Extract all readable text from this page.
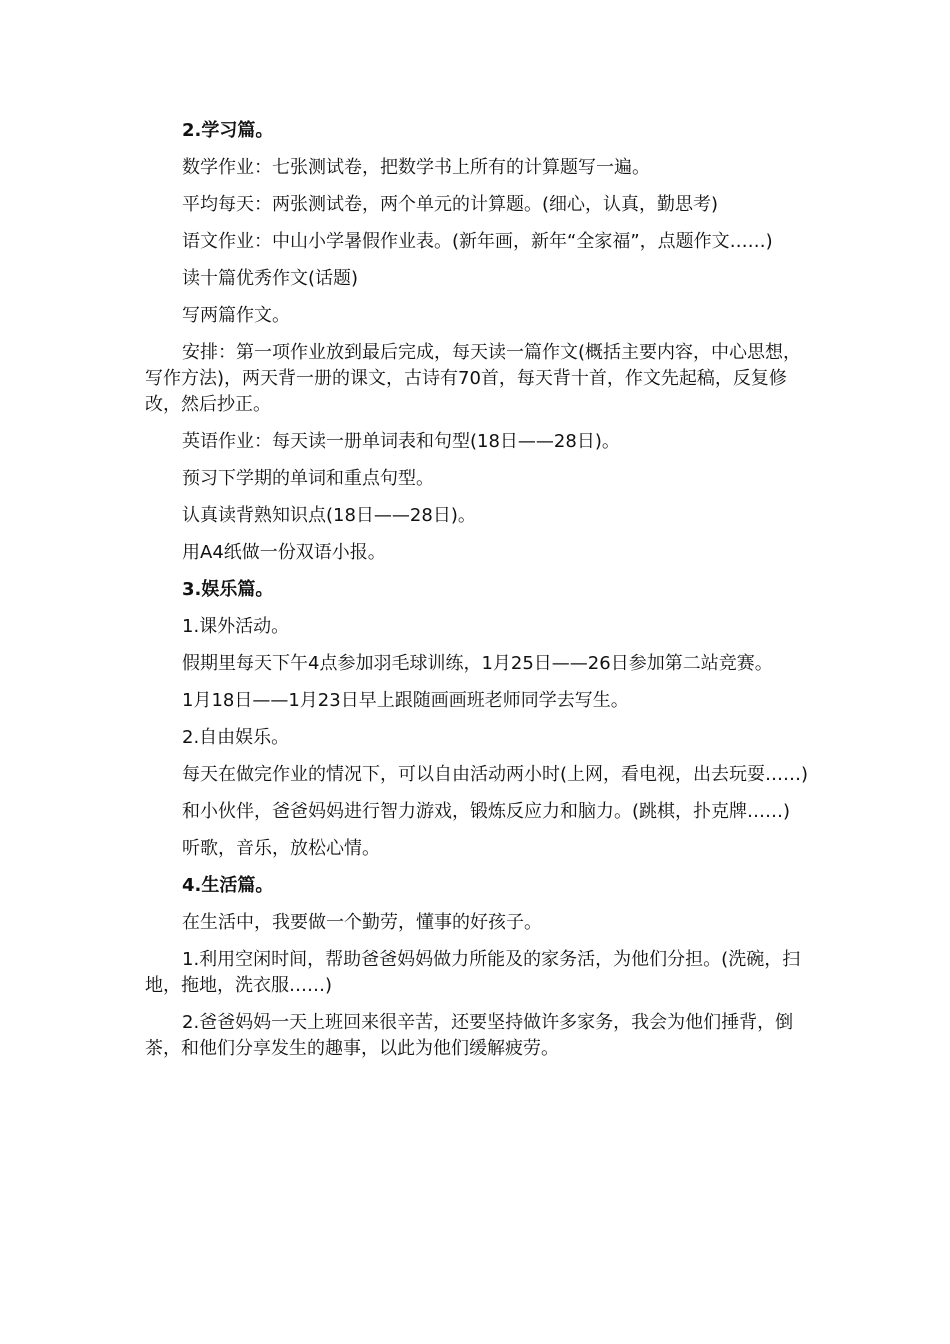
2.学习篇。

数学作业：七张测试卷，把数学书上所有的计算题写一遍。

平均每天：两张测试卷，两个单元的计算题。(细心，认真，勤思考)

语文作业：中山小学暑假作业表。(新年画，新年“全家福”，点题作文……)

读十篇优秀作文(话题)

写两篇作文。

安排：第一项作业放到最后完成，每天读一篇作文(概括主要内容，中心思想，写作方法)，两天背一册的课文，古诗有70首，每天背十首，作文先起稿，反复修改，然后抄正。

英语作业：每天读一册单词表和句型(18日——28日)。

预习下学期的单词和重点句型。

认真读背熟知识点(18日——28日)。

用A4纸做一份双语小报。

3.娱乐篇。

1.课外活动。

假期里每天下午4点参加羽毛球训练，1月25日——26日参加第二站竞赛。

1月18日——1月23日早上跟随画画班老师同学去写生。

2.自由娱乐。

每天在做完作业的情况下，可以自由活动两小时(上网，看电视，出去玩耍……)

和小伙伴，爸爸妈妈进行智力游戏，锻炼反应力和脑力。(跳棋，扑克牌……)

听歌，音乐，放松心情。

4.生活篇。

在生活中，我要做一个勤劳，懂事的好孩子。

1.利用空闲时间，帮助爸爸妈妈做力所能及的家务活，为他们分担。(洗碗，扫地，拖地，洗衣服……)

2.爸爸妈妈一天上班回来很辛苦，还要坚持做许多家务，我会为他们捶背，倒茶，和他们分享发生的趣事，以此为他们缓解疲劳。
